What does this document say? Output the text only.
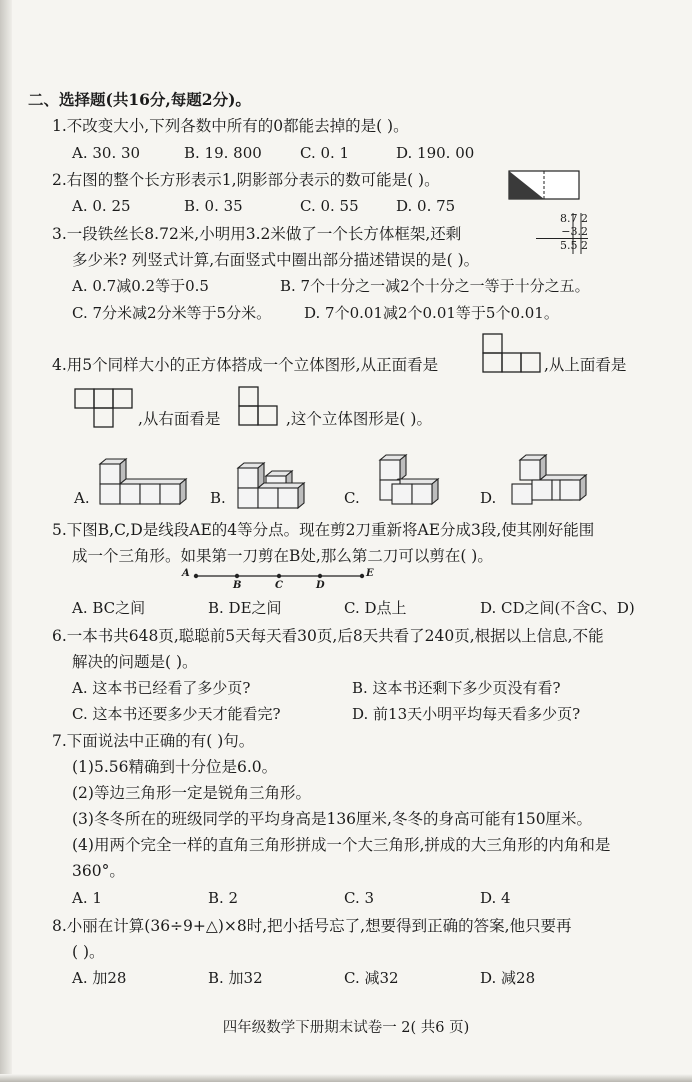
二、选择题(共16分,每题2分)。
1.不改变大小,下列各数中所有的0都能去掉的是( )。
A. 30. 30	B. 19. 800	C. 0. 1	D. 190. 00
2.右图的整个长方形表示1,阴影部分表示的数可能是( )。
A. 0. 25	B. 0. 35	C. 0. 55 D. 0. 75
3.一段铁丝长8.72米,小明用3.2米做了一个长方体框架,还剩
多少米? 列竖式计算,右面竖式中圈出部分描述错误的是( )。
8.7 2
−3.2
5.5 2
A. 0.7减0.2等于0.5	B. 7个十分之一减2个十分之一等于十分之五。
C. 7分米减2分米等于5分米。 D. 7个0.01减2个0.01等于5个0.01。
4.用5个同样大小的正方体搭成一个立体图形,从正面看是	,从上面看是
,从右面看是	,这个立体图形是( )。
A.	B.	C.	D.
5.下图B,C,D是线段AE的4等分点。现在剪2刀重新将AE分成3段,使其刚好能围
成一个三角形。如果第一刀剪在B处,那么第二刀可以剪在( )。
A
B	C	D
E
A. BC之间	B. DE之间	C. D点上	D. CD之间(不含C、D)
6.一本书共648页,聪聪前5天每天看30页,后8天共看了240页,根据以上信息,不能
解决的问题是( )。
A. 这本书已经看了多少页?	B. 这本书还剩下多少页没有看?
C. 这本书还要多少天才能看完?	D. 前13天小明平均每天看多少页?
7.下面说法中正确的有( )句。
(1)5.56精确到十分位是6.0。
(2)等边三角形一定是锐角三角形。
(3)冬冬所在的班级同学的平均身高是136厘米,冬冬的身高可能有150厘米。
(4)用两个完全一样的直角三角形拼成一个大三角形,拼成的大三角形的内角和是
360°。
A. 1	B. 2	C. 3	D. 4
8.小丽在计算(36÷9+△)×8时,把小括号忘了,想要得到正确的答案,他只要再
( )。
A. 加28	B. 加32	C. 减32	D. 减28
四年级数学下册期末试卷一 2( 共6 页)
